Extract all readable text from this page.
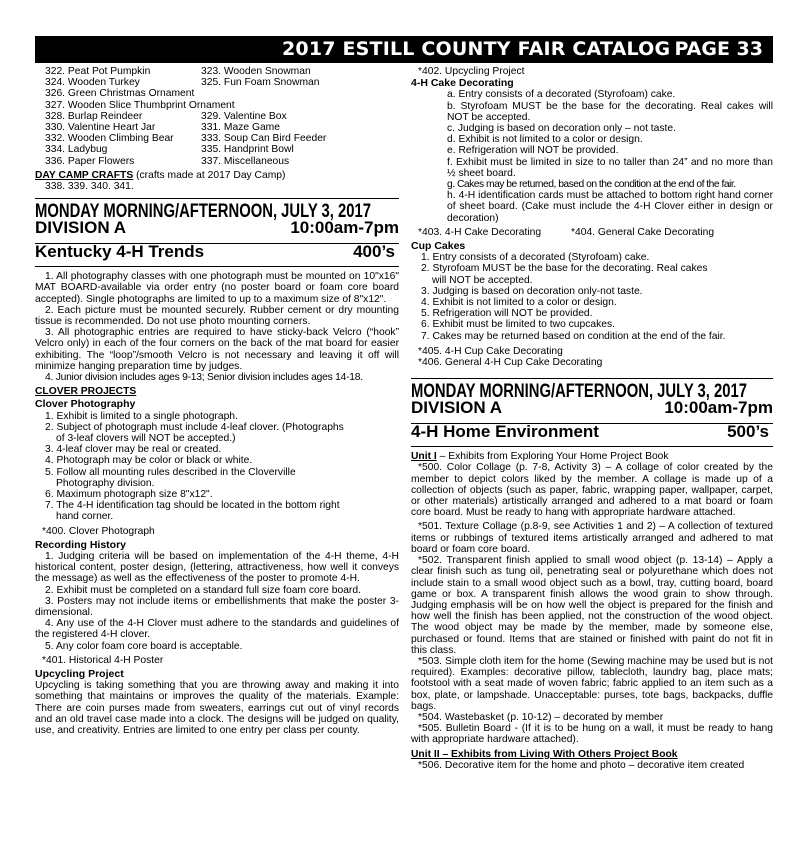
2017 ESTILL COUNTY FAIR CATALOG PAGE 33
322. Peat Pot Pumpkin	323. Wooden Snowman
324. Wooden Turkey	325. Fun Foam Snowman
326. Green Christmas Ornament
327. Wooden Slice Thumbprint Ornament
328. Burlap Reindeer	329. Valentine Box
330. Valentine Heart Jar	331. Maze Game
332. Wooden Climbing Bear	333. Soup Can Bird Feeder
334. Ladybug	335. Handprint Bowl
336. Paper Flowers	337. Miscellaneous
DAY CAMP CRAFTS (crafts made at 2017 Day Camp)
338. 339. 340. 341.
MONDAY MORNING/AFTERNOON, JULY 3, 2017
DIVISION A	10:00am-7pm
Kentucky 4-H Trends	400’s
1. All photography classes with one photograph must be mounted on 10"x16" MAT BOARD-available via order entry (no poster board or foam core board accepted). Single photographs are limited to up to a maximum size of 8"x12".
2. Each picture must be mounted securely. Rubber cement or dry mounting tissue is recommended. Do not use photo mounting corners.
3. All photographic entries are required to have sticky-back Velcro (“hook” Velcro only) in each of the four corners on the back of the mat board for easier exhibiting. The “loop”/smooth Velcro is not necessary and leaving it off will minimize hanging preparation time by judges.
4. Junior division includes ages 9-13; Senior division includes ages 14-18.
CLOVER PROJECTS
Clover Photography
1. Exhibit is limited to a single photograph.
2. Subject of photograph must include 4-leaf clover. (Photographs
of 3-leaf clovers will NOT be accepted.)
3. 4-leaf clover may be real or created.
4. Photograph may be color or black or white.
5. Follow all mounting rules described in the Cloverville
Photography division.
6. Maximum photograph size 8"x12".
7. The 4-H identification tag should be located in the bottom right
hand corner.
*400. Clover Photograph
Recording History
1. Judging criteria will be based on implementation of the 4-H theme, 4-H historical content, poster design, (lettering, attractiveness, how well it conveys the message) as well as the effectiveness of the poster to promote 4-H.
2. Exhibit must be completed on a standard full size foam core board.
3. Posters may not include items or embellishments that make the poster 3-dimensional.
4. Any use of the 4-H Clover must adhere to the standards and guidelines of the registered 4-H clover.
5. Any color foam core board is acceptable.
*401. Historical 4-H Poster
Upcycling Project
Upcycling is taking something that you are throwing away and making it into something that maintains or improves the quality of the materials. Example: There are coin purses made from sweaters, earrings cut out of vinyl records and an old travel case made into a clock. The designs will be judged on quality, use, and creativity. Entries are limited to one entry per class per county.
*402. Upcycling Project
4-H Cake Decorating
a. Entry consists of a decorated (Styrofoam) cake.
b. Styrofoam MUST be the base for the decorating. Real cakes will NOT be accepted.
c. Judging is based on decoration only – not taste.
d. Exhibit is not limited to a color or design.
e. Refrigeration will NOT be provided.
f. Exhibit must be limited in size to no taller than 24” and no more than ½ sheet board.
g. Cakes may be returned, based on the condition at the end of the fair.
h. 4-H identification cards must be attached to bottom right hand corner of sheet board. (Cake must include the 4-H Clover either in design or decoration)
*403. 4-H Cake Decorating	*404. General Cake Decorating
Cup Cakes
1. Entry consists of a decorated (Styrofoam) cake.
2. Styrofoam MUST be the base for the decorating. Real cakes
will NOT be accepted.
3. Judging is based on decoration only-not taste.
4. Exhibit is not limited to a color or design.
5. Refrigeration will NOT be provided.
6. Exhibit must be limited to two cupcakes.
7. Cakes may be returned based on condition at the end of the fair.
*405. 4-H Cup Cake Decorating
*406. General 4-H Cup Cake Decorating
MONDAY MORNING/AFTERNOON, JULY 3, 2017
DIVISION A	10:00am-7pm
4-H Home Environment	500’s
Unit I – Exhibits from Exploring Your Home Project Book
*500. Color Collage (p. 7-8, Activity 3) – A collage of color created by the member to depict colors liked by the member. A collage is made up of a collection of objects (such as paper, fabric, wrapping paper, wallpaper, carpet, or other materials) artistically arranged and adhered to a mat board or foam core board. Must be ready to hang with appropriate hardware attached.
*501. Texture Collage (p.8-9, see Activities 1 and 2) – A collection of textured items or rubbings of textured items artistically arranged and adhered to mat board or foam core board.
*502. Transparent finish applied to small wood object (p. 13-14) – Apply a clear finish such as tung oil, penetrating seal or polyurethane which does not include stain to a small wood object such as a bowl, tray, cutting board, board game or box. A transparent finish allows the wood grain to show through. Judging emphasis will be on how well the object is prepared for the finish and how well the finish has been applied, not the construction of the wood object. The wood object may be made by the member, made by someone else, purchased or found. Items that are stained or finished with paint do not fit in this class.
*503. Simple cloth item for the home (Sewing machine may be used but is not required). Examples: decorative pillow, tablecloth, laundry bag, place mats; footstool with a seat made of woven fabric; fabric applied to an item such as a box, plate, or lampshade. Unacceptable: purses, tote bags, backpacks, duffle bags.
*504. Wastebasket (p. 10-12) – decorated by member
*505. Bulletin Board - (If it is to be hung on a wall, it must be ready to hang with appropriate hardware attached).
Unit II – Exhibits from Living With Others Project Book
*506. Decorative item for the home and photo – decorative item created
